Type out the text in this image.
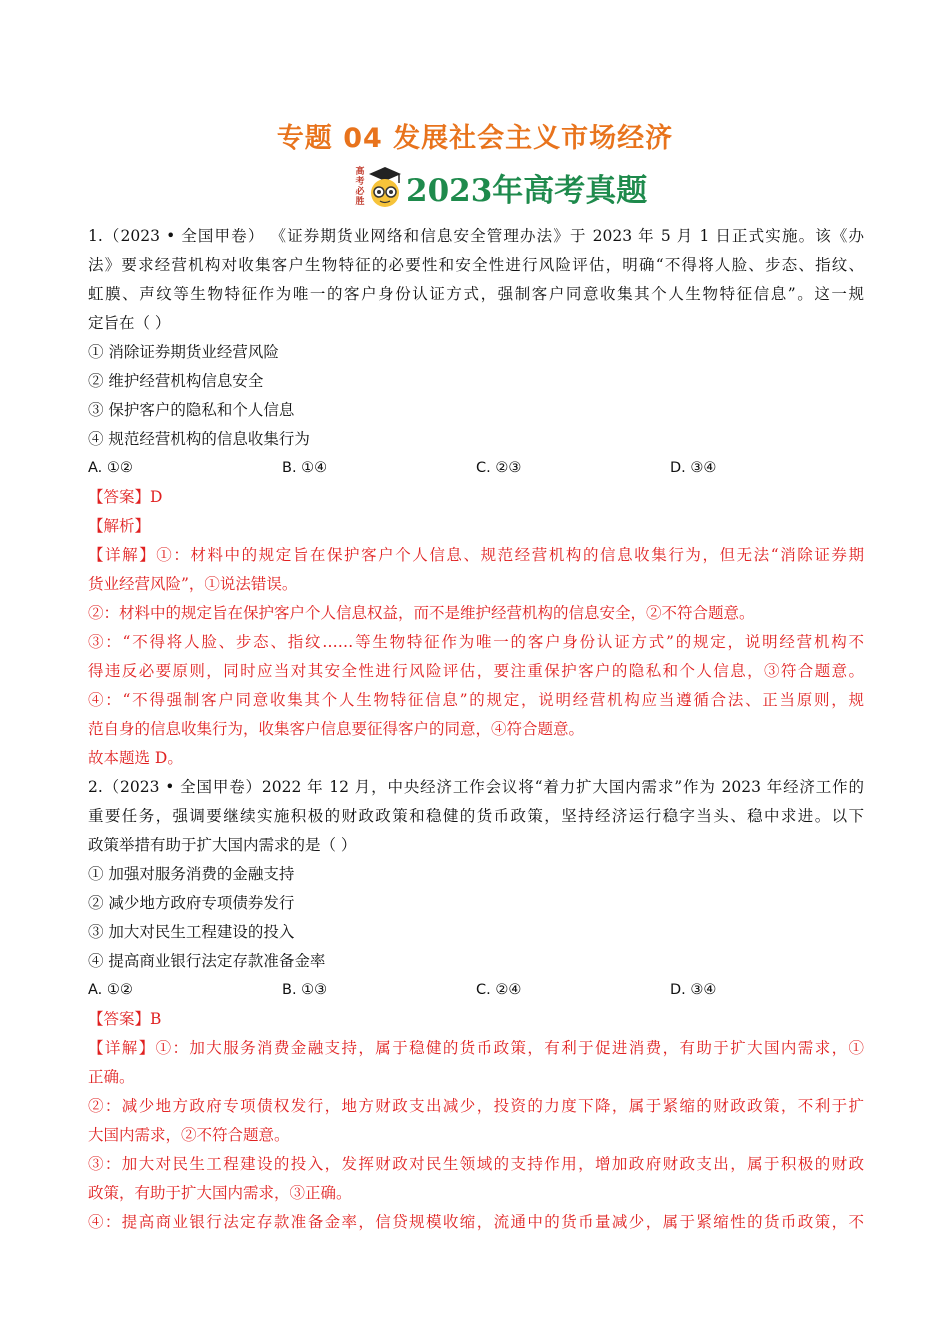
专题 04 发展社会主义市场经济
高考必胜 2023年高考真题
1.（2023 • 全国甲卷） 《证券期货业网络和信息安全管理办法》于 2023 年 5 月 1 日正式实施。该《办
法》要求经营机构对收集客户生物特征的必要性和安全性进行风险评估，明确“不得将人脸、步态、指纹、
虹膜、声纹等生物特征作为唯一的客户身份认证方式，强制客户同意收集其个人生物特征信息”。这一规
定旨在（ ）
① 消除证券期货业经营风险
② 维护经营机构信息安全
③ 保护客户的隐私和个人信息
④ 规范经营机构的信息收集行为
A. ①②	B. ①④	C. ②③	D. ③④
【答案】D
【解析】
【详解】①：材料中的规定旨在保护客户个人信息、规范经营机构的信息收集行为，但无法“消除证券期
货业经营风险”，①说法错误。
②：材料中的规定旨在保护客户个人信息权益，而不是维护经营机构的信息安全，②不符合题意。
③：“不得将人脸、步态、指纹……等生物特征作为唯一的客户身份认证方式”的规定，说明经营机构不
得违反必要原则，同时应当对其安全性进行风险评估，要注重保护客户的隐私和个人信息，③符合题意。
④：“不得强制客户同意收集其个人生物特征信息”的规定，说明经营机构应当遵循合法、正当原则，规
范自身的信息收集行为，收集客户信息要征得客户的同意，④符合题意。
故本题选 D。
2.（2023 • 全国甲卷）2022 年 12 月，中央经济工作会议将“着力扩大国内需求”作为 2023 年经济工作的
重要任务，强调要继续实施积极的财政政策和稳健的货币政策，坚持经济运行稳字当头、稳中求进。以下
政策举措有助于扩大国内需求的是（ ）
① 加强对服务消费的金融支持
② 减少地方政府专项债券发行
③ 加大对民生工程建设的投入
④ 提高商业银行法定存款准备金率
A. ①②	B. ①③	C. ②④	D. ③④
【答案】B
【详解】①：加大服务消费金融支持，属于稳健的货币政策，有利于促进消费，有助于扩大国内需求，①
正确。
②：减少地方政府专项债权发行，地方财政支出减少，投资的力度下降，属于紧缩的财政政策，不利于扩
大国内需求，②不符合题意。
③：加大对民生工程建设的投入，发挥财政对民生领域的支持作用，增加政府财政支出，属于积极的财政
政策，有助于扩大国内需求，③正确。
④：提高商业银行法定存款准备金率，信贷规模收缩，流通中的货币量减少，属于紧缩性的货币政策，不
